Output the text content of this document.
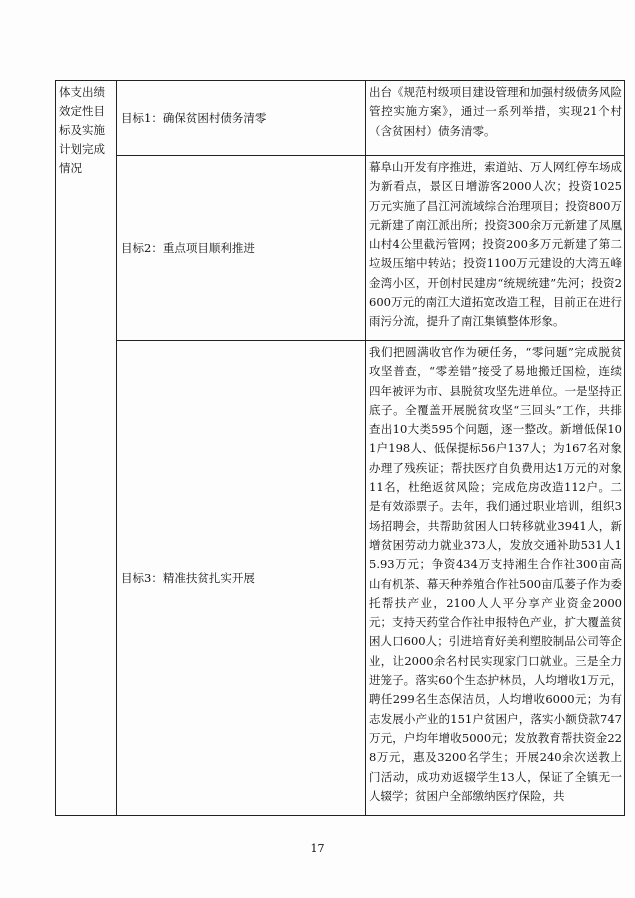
体支出绩效定性目标及实施计划完成情况	目标1：确保贫困村债务清零	出台《规范村级项目建设管理和加强村级债务风险管控实施方案》，通过一系列举措，实现21个村（含贫困村）债务清零。
	目标2：重点项目顺利推进	幕阜山开发有序推进，索道站、万人网红停车场成为新看点，景区日增游客2000人次；投资1025万元实施了昌江河流域综合治理项目；投资800万元新建了南江派出所；投资300余万元新建了凤凰山村4公里截污管网；投资200多万元新建了第二垃圾压缩中转站；投资1100万元建设的大湾五峰金湾小区，开创村民建房“统规统建”先河；投资2600万元的南江大道拓宽改造工程，目前正在进行雨污分流，提升了南江集镇整体形象。
	目标3：精准扶贫扎实开展	我们把圆满收官作为硬任务，“零问题”完成脱贫攻坚普查，“零差错”接受了易地搬迁国检，连续四年被评为市、县脱贫攻坚先进单位。一是坚持正底子。全覆盖开展脱贫攻坚“三回头”工作，共排查出10大类595个问题，逐一整改。新增低保101户198人、低保提标56户137人；为167名对象办理了残疾证；帮扶医疗自负费用达1万元的对象11名，杜绝返贫风险；完成危房改造112户。二是有效添票子。去年，我们通过职业培训，组织3场招聘会，共帮助贫困人口转移就业3941人，新增贫困劳动力就业373人，发放交通补助531人15.93万元；争资434万支持湘生合作社300亩高山有机茶、幕天种养殖合作社500亩瓜蒌子作为委托帮扶产业，2100人人平分享产业资金2000元；支持天药堂合作社申报特色产业，扩大覆盖贫困人口600人；引进培育好美利塑胶制品公司等企业，让2000余名村民实现家门口就业。三是全力进笼子。落实60个生态护林员，人均增收1万元，聘任299名生态保洁员，人均增收6000元；为有志发展小产业的151户贫困户，落实小额贷款747万元，户均年增收5000元；发放教育帮扶资金228万元，惠及3200名学生；开展240余次送教上门活动，成功劝返辍学生13人，保证了全镇无一人辍学；贫困户全部缴纳医疗保险，共
17
